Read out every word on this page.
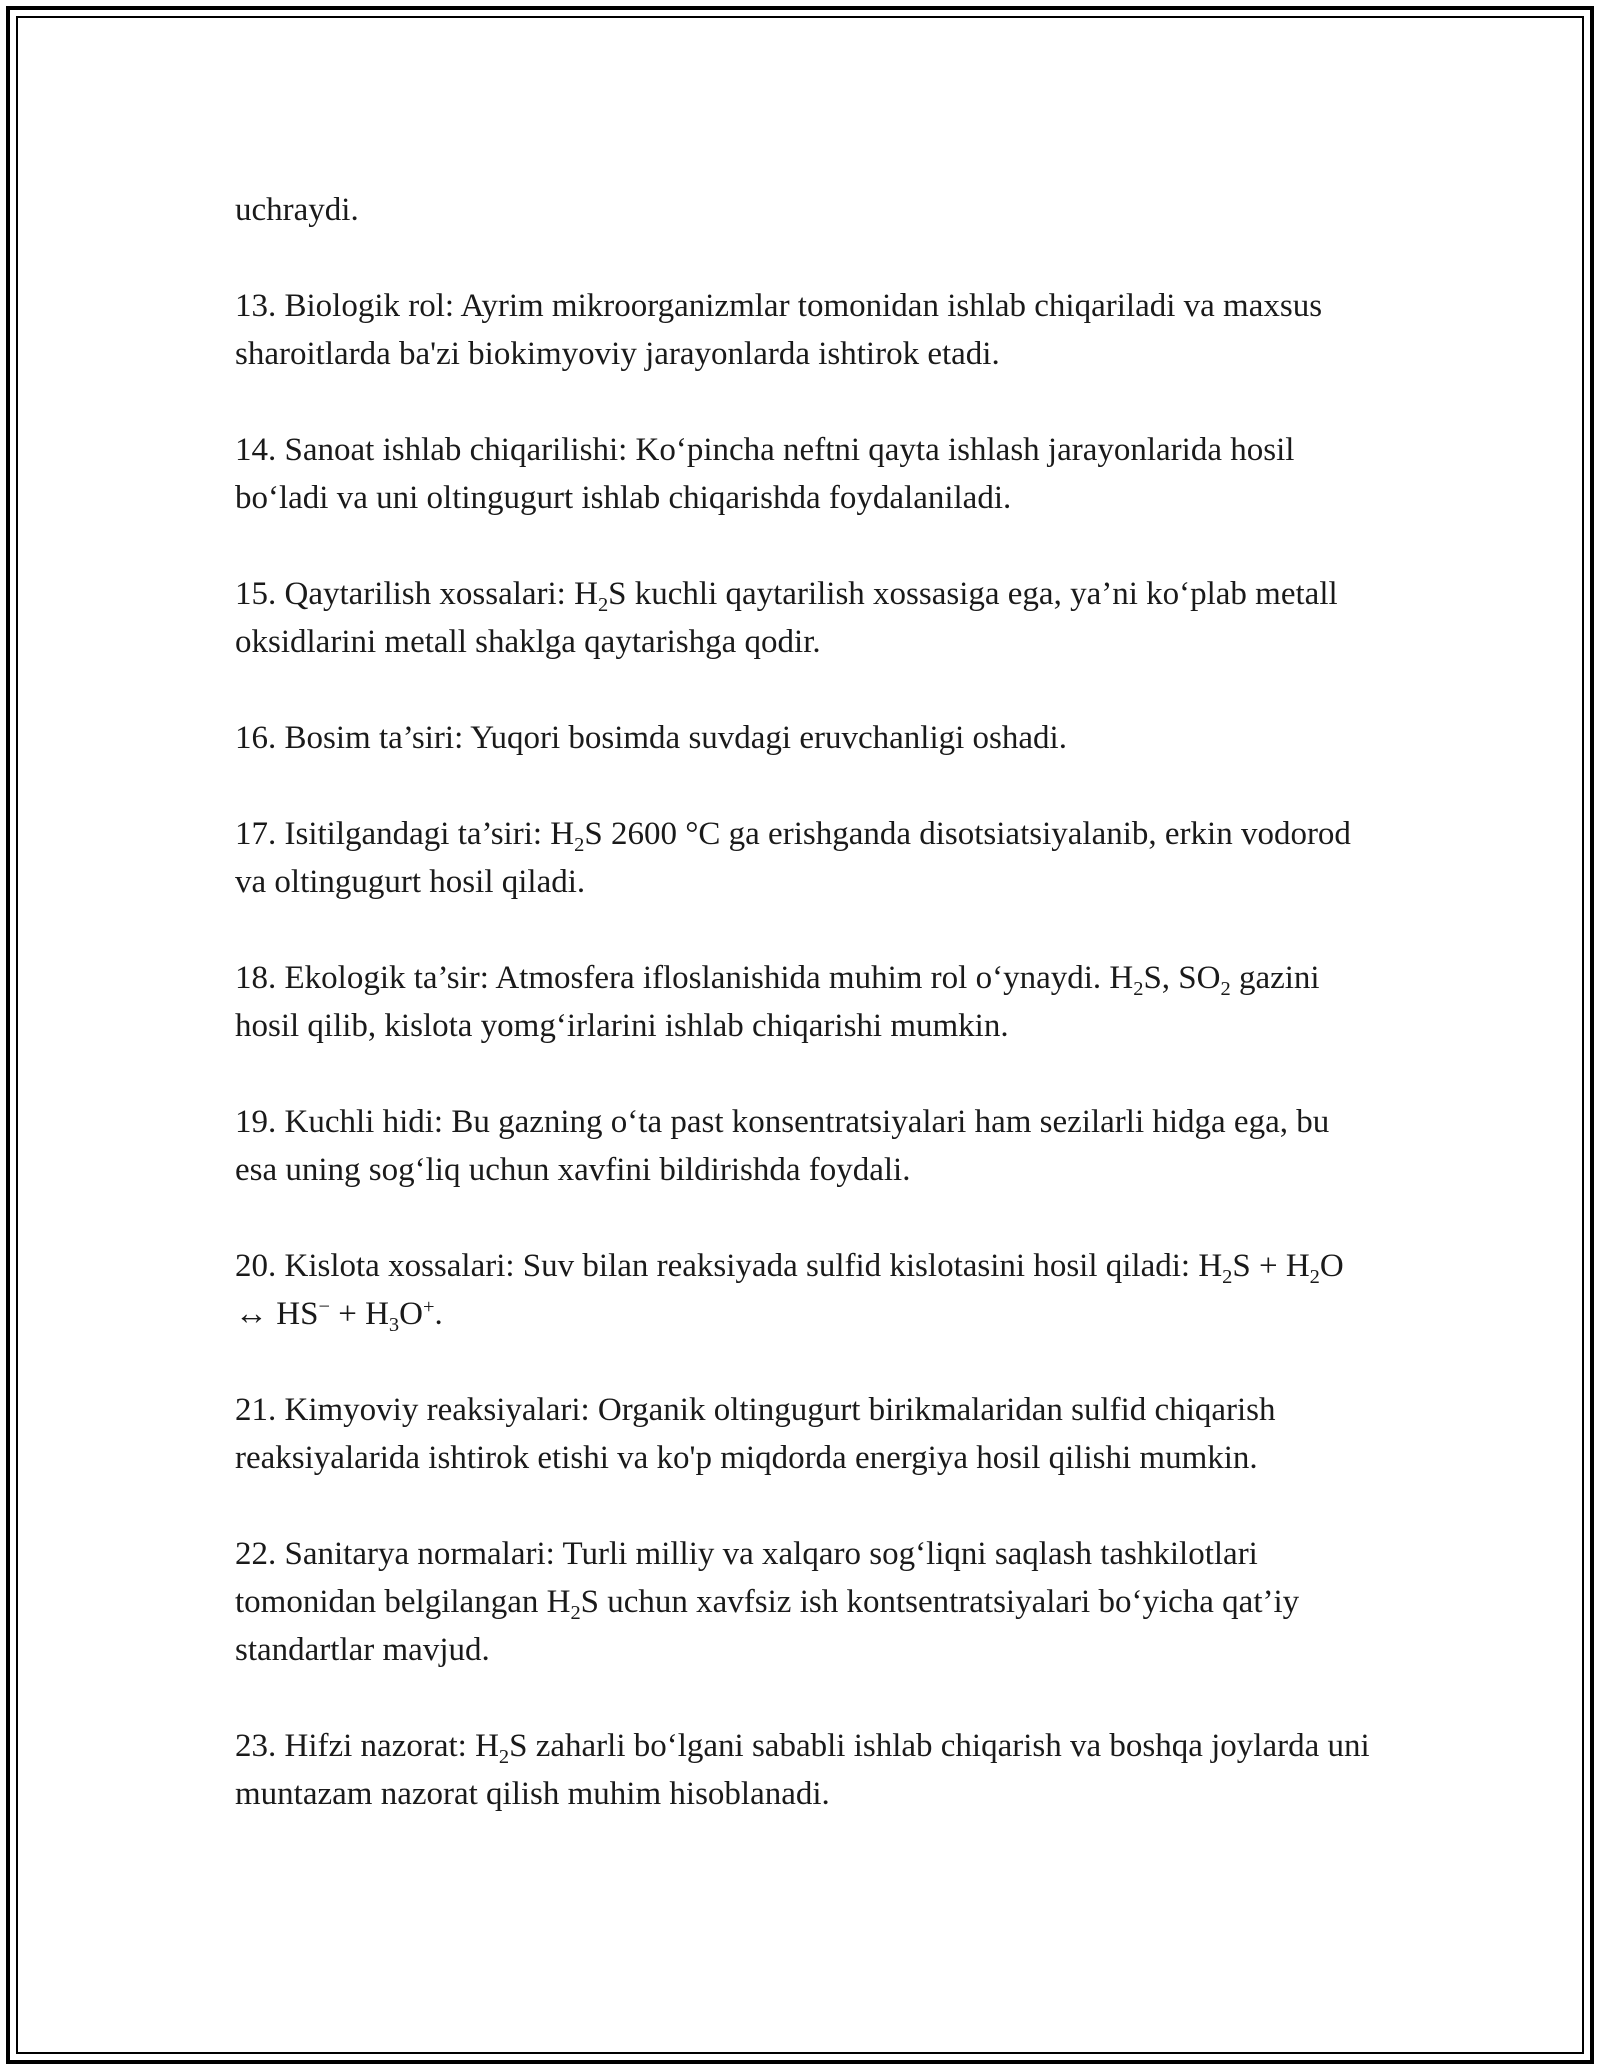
uchraydi.

13. Biologik rol: Ayrim mikroorganizmlar tomonidan ishlab chiqariladi va maxsus sharoitlarda ba'zi biokimyoviy jarayonlarda ishtirok etadi.

14. Sanoat ishlab chiqarilishi: Ko‘pincha neftni qayta ishlash jarayonlarida hosil bo‘ladi va uni oltingugurt ishlab chiqarishda foydalaniladi.

15. Qaytarilish xossalari: $H_2S$ kuchli qaytarilish xossasiga ega, ya’ni ko‘plab metall oksidlarini metall shaklga qaytarishga qodir.

16. Bosim ta’siri: Yuqori bosimda suvdagi eruvchanligi oshadi.

17. Isitilgandagi ta’siri: $H_2S$ 2600 °C ga erishganda disotsiatsiyalanib, erkin vodorod va oltingugurt hosil qiladi.

18. Ekologik ta’sir: Atmosfera ifloslanishida muhim rol o‘ynaydi. $H_2S$, $SO_2$ gazini hosil qilib, kislota yomg‘irlarini ishlab chiqarishi mumkin.

19. Kuchli hidi: Bu gazning o‘ta past konsentratsiyalari ham sezilarli hidga ega, bu esa uning sog‘liq uchun xavfini bildirishda foydali.

20. Kislota xossalari: Suv bilan reaksiyada sulfid kislotasini hosil qiladi: $H_2S + H_2O$ ↔ $HS^- + H_3O^+$.

21. Kimyoviy reaksiyalari: Organik oltingugurt birikmalaridan sulfid chiqarish reaksiyalarida ishtirok etishi va ko'p miqdorda energiya hosil qilishi mumkin.

22. Sanitarya normalari: Turli milliy va xalqaro sog‘liqni saqlash tashkilotlari tomonidan belgilangan $H_2S$ uchun xavfsiz ish kontsentratsiyalari bo‘yicha qat’iy standartlar mavjud.

23. Hifzi nazorat: $H_2S$ zaharli bo‘lgani sababli ishlab chiqarish va boshqa joylarda uni muntazam nazorat qilish muhim hisoblanadi.
